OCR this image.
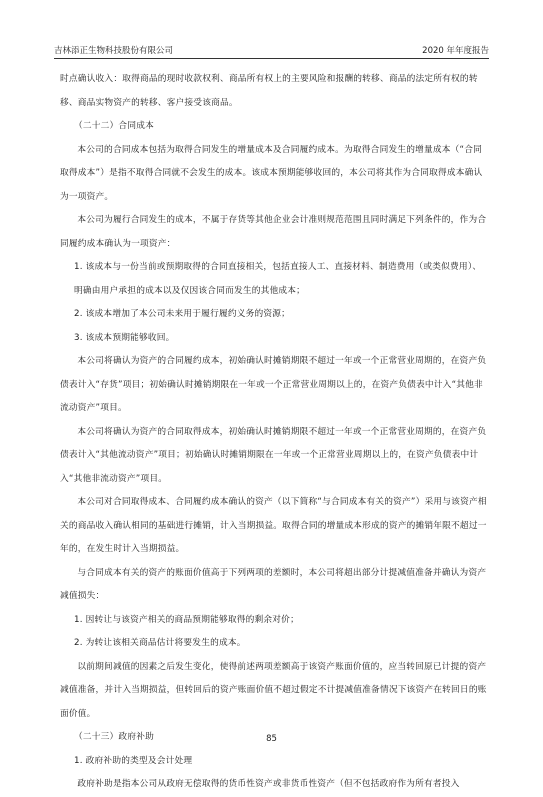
吉林添正生物科技股份有限公司	2020 年年度报告

时点确认收入：取得商品的现时收款权利、商品所有权上的主要风险和报酬的转移、商品的法定所有权的转移、商品实物资产的转移、客户接受该商品。

（二十二）合同成本

本公司的合同成本包括为取得合同发生的增量成本及合同履约成本。为取得合同发生的增量成本（“合同取得成本”）是指不取得合同就不会发生的成本。该成本预期能够收回的，本公司将其作为合同取得成本确认为一项资产。

本公司为履行合同发生的成本，不属于存货等其他企业会计准则规范范围且同时满足下列条件的，作为合同履约成本确认为一项资产：

1. 该成本与一份当前或预期取得的合同直接相关，包括直接人工、直接材料、制造费用（或类似费用）、明确由用户承担的成本以及仅因该合同而发生的其他成本；

2. 该成本增加了本公司未来用于履行履约义务的资源；

3. 该成本预期能够收回。

本公司将确认为资产的合同履约成本，初始确认时摊销期限不超过一年或一个正常营业周期的，在资产负债表计入“存货”项目；初始确认时摊销期限在一年或一个正常营业周期以上的，在资产负债表中计入“其他非流动资产”项目。

本公司将确认为资产的合同取得成本，初始确认时摊销期限不超过一年或一个正常营业周期的，在资产负债表计入“其他流动资产”项目；初始确认时摊销期限在一年或一个正常营业周期以上的，在资产负债表中计入“其他非流动资产”项目。

本公司对合同取得成本、合同履约成本确认的资产（以下简称“与合同成本有关的资产”）采用与该资产相关的商品收入确认相同的基础进行摊销，计入当期损益。取得合同的增量成本形成的资产的摊销年限不超过一年的，在发生时计入当期损益。

与合同成本有关的资产的账面价值高于下列两项的差额时，本公司将超出部分计提减值准备并确认为资产减值损失：

1. 因转让与该资产相关的商品预期能够取得的剩余对价；

2. 为转让该相关商品估计将要发生的成本。

以前期间减值的因素之后发生变化，使得前述两项差额高于该资产账面价值的，应当转回原已计提的资产减值准备，并计入当期损益，但转回后的资产账面价值不超过假定不计提减值准备情况下该资产在转回日的账面价值。

（二十三）政府补助

1. 政府补助的类型及会计处理

政府补助是指本公司从政府无偿取得的货币性资产或非货币性资产（但不包括政府作为所有者投入

85
